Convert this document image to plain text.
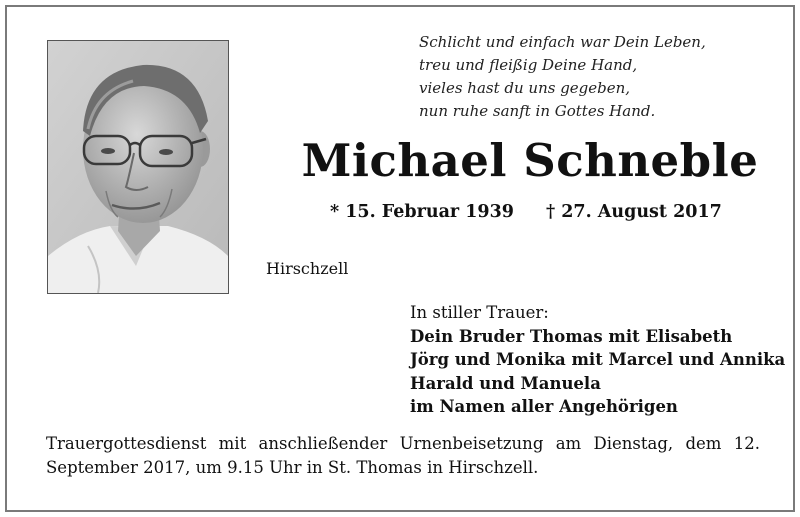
Schlicht und einfach war Dein Leben,
treu und fleißig Deine Hand,
vieles hast du uns gegeben,
nun ruhe sanft in Gottes Hand.
Michael Schneble
* 15. Februar 1939 † 27. August 2017
Hirschzell
In stiller Trauer:
Dein Bruder Thomas mit Elisabeth
Jörg und Monika mit Marcel und Annika
Harald und Manuela
im Namen aller Angehörigen
Trauergottesdienst mit anschließender Urnenbeisetzung am Dienstag, dem 12. September 2017, um 9.15 Uhr in St. Thomas in Hirschzell.
